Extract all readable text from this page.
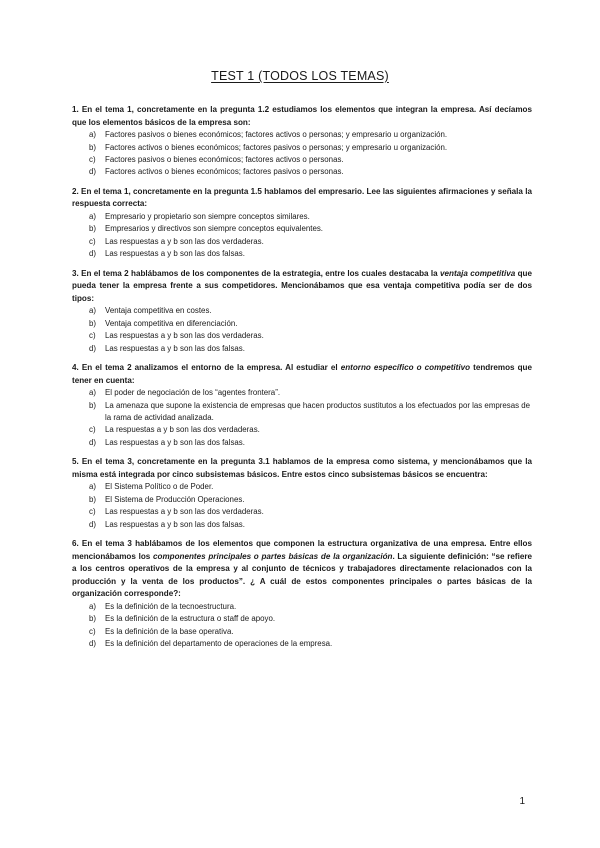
TEST 1 (TODOS LOS TEMAS)

1. En el tema 1, concretamente en la pregunta 1.2 estudiamos los elementos que integran la empresa. Así decíamos que los elementos básicos de la empresa son:

a) Factores pasivos o bienes económicos; factores activos o personas; y empresario u organización.
b) Factores activos o bienes económicos; factores pasivos o personas; y empresario u organización.
c) Factores pasivos o bienes económicos; factores activos o personas.
d) Factores activos o bienes económicos; factores pasivos o personas.

2. En el tema 1, concretamente en la pregunta 1.5 hablamos del empresario. Lee las siguientes afirmaciones y señala la respuesta correcta:

a) Empresario y propietario son siempre conceptos similares.
b) Empresarios y directivos son siempre conceptos equivalentes.
c) Las respuestas a y b son las dos verdaderas.
d) Las respuestas a y b son las dos falsas.

3. En el tema 2 hablábamos de los componentes de la estrategia, entre los cuales destacaba la ventaja competitiva que pueda tener la empresa frente a sus competidores. Mencionábamos que esa ventaja competitiva podía ser de dos tipos:

a) Ventaja competitiva en costes.
b) Ventaja competitiva en diferenciación.
c) Las respuestas a y b son las dos verdaderas.
d) Las respuestas a y b son las dos falsas.

4. En el tema 2 analizamos el entorno de la empresa. Al estudiar el entorno específico o competitivo tendremos que tener en cuenta:

a) El poder de negociación de los “agentes frontera”.
b) La amenaza que supone la existencia de empresas que hacen productos sustitutos a los efectuados por las empresas de la rama de actividad analizada.
c) La respuestas a y b son las dos verdaderas.
d) Las respuestas a y b son las dos falsas.

5. En el tema 3, concretamente en la pregunta 3.1 hablamos de la empresa como sistema, y mencionábamos que la misma está integrada por cinco subsistemas básicos. Entre estos cinco subsistemas básicos se encuentra:

a) El Sistema Político o de Poder.
b) El Sistema de Producción Operaciones.
c) Las respuestas a y b son las dos verdaderas.
d) Las respuestas a y b son las dos falsas.

6. En el tema 3 hablábamos de los elementos que componen la estructura organizativa de una empresa. Entre ellos mencionábamos los componentes principales o partes básicas de la organización. La siguiente definición: “se refiere a los centros operativos de la empresa y al conjunto de técnicos y trabajadores directamente relacionados con la producción y la venta de los productos”. ¿ A cuál de estos componentes principales o partes básicas de la organización corresponde?:

a) Es la definición de la tecnoestructura.
b) Es la definición de la estructura o staff de apoyo.
c) Es la definición de la base operativa.
d) Es la definición del departamento de operaciones de la empresa.
1
